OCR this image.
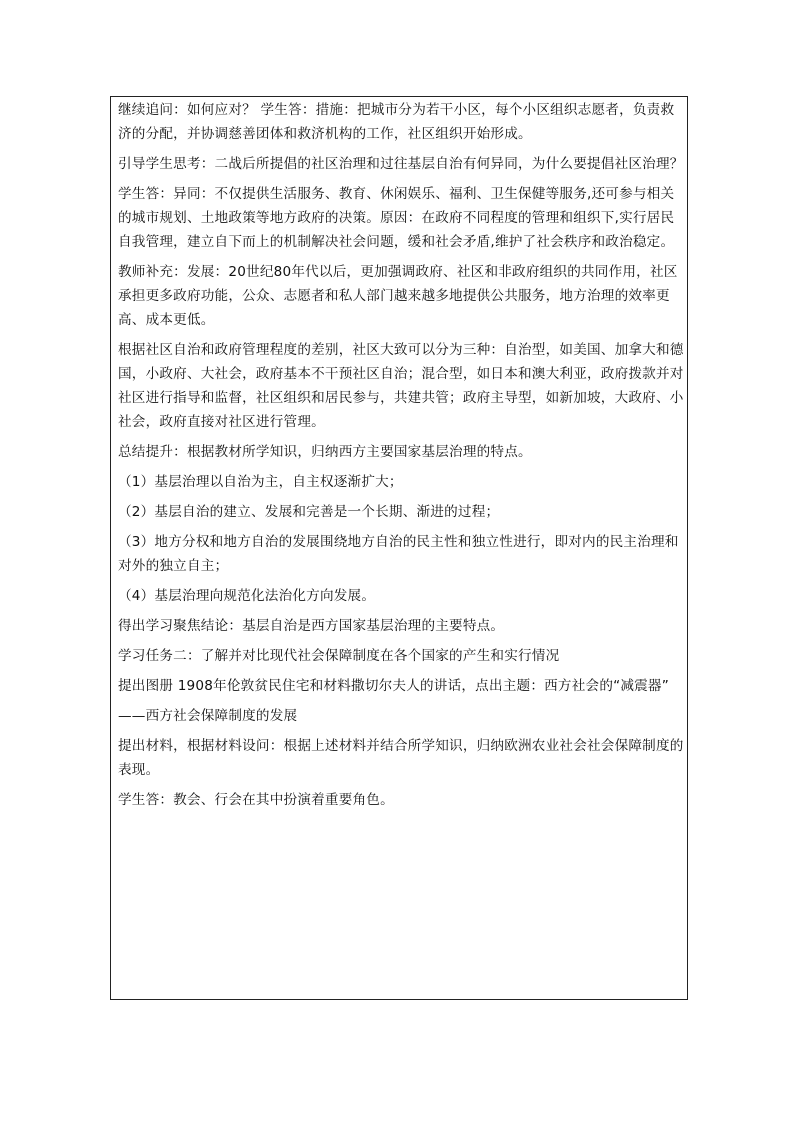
继续追问：如何应对？ 学生答：措施：把城市分为若干小区，每个小区组织志愿者，负责救济的分配，并协调慈善团体和救济机构的工作，社区组织开始形成。

引导学生思考：二战后所提倡的社区治理和过往基层自治有何异同，为什么要提倡社区治理？

学生答：异同：不仅提供生活服务、教育、休闲娱乐、福利、卫生保健等服务,还可参与相关的城市规划、土地政策等地方政府的决策。原因：在政府不同程度的管理和组织下,实行居民自我管理，建立自下而上的机制解决社会问题，缓和社会矛盾,维护了社会秩序和政治稳定。

教师补充：发展：20世纪80年代以后，更加强调政府、社区和非政府组织的共同作用，社区承担更多政府功能，公众、志愿者和私人部门越来越多地提供公共服务，地方治理的效率更高、成本更低。

根据社区自治和政府管理程度的差别，社区大致可以分为三种：自治型，如美国、加拿大和德国，小政府、大社会，政府基本不干预社区自治；混合型，如日本和澳大利亚，政府拨款并对社区进行指导和监督，社区组织和居民参与，共建共管；政府主导型，如新加坡，大政府、小社会，政府直接对社区进行管理。

总结提升：根据教材所学知识，归纳西方主要国家基层治理的特点。

（1）基层治理以自治为主，自主权逐渐扩大；

（2）基层自治的建立、发展和完善是一个长期、渐进的过程；

（3）地方分权和地方自治的发展围绕地方自治的民主性和独立性进行，即对内的民主治理和对外的独立自主；

（4）基层治理向规范化法治化方向发展。

得出学习聚焦结论：基层自治是西方国家基层治理的主要特点。

学习任务二：了解并对比现代社会保障制度在各个国家的产生和实行情况

提出图册 1908年伦敦贫民住宅和材料撒切尔夫人的讲话，点出主题：西方社会的“减震器”

——西方社会保障制度的发展

提出材料，根据材料设问：根据上述材料并结合所学知识，归纳欧洲农业社会社会保障制度的表现。

学生答：教会、行会在其中扮演着重要角色。
